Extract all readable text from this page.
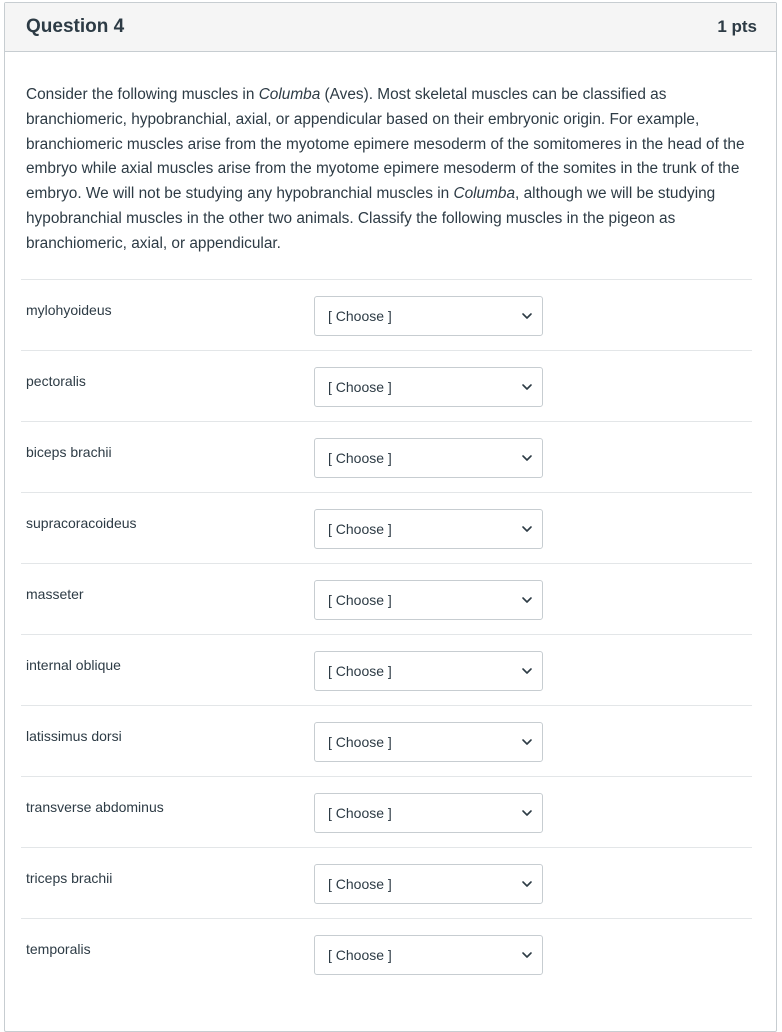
Question 4	1 pts

Consider the following muscles in Columba (Aves). Most skeletal muscles can be classified as branchiomeric, hypobranchial, axial, or appendicular based on their embryonic origin. For example, branchiomeric muscles arise from the myotome epimere mesoderm of the somitomeres in the head of the embryo while axial muscles arise from the myotome epimere mesoderm of the somites in the trunk of the embryo. We will not be studying any hypobranchial muscles in Columba, although we will be studying hypobranchial muscles in the other two animals. Classify the following muscles in the pigeon as branchiomeric, axial, or appendicular.

mylohyoideus	[ Choose ]
pectoralis	[ Choose ]
biceps brachii	[ Choose ]
supracoracoideus	[ Choose ]
masseter	[ Choose ]
internal oblique	[ Choose ]
latissimus dorsi	[ Choose ]
transverse abdominus	[ Choose ]
triceps brachii	[ Choose ]
temporalis	[ Choose ]
